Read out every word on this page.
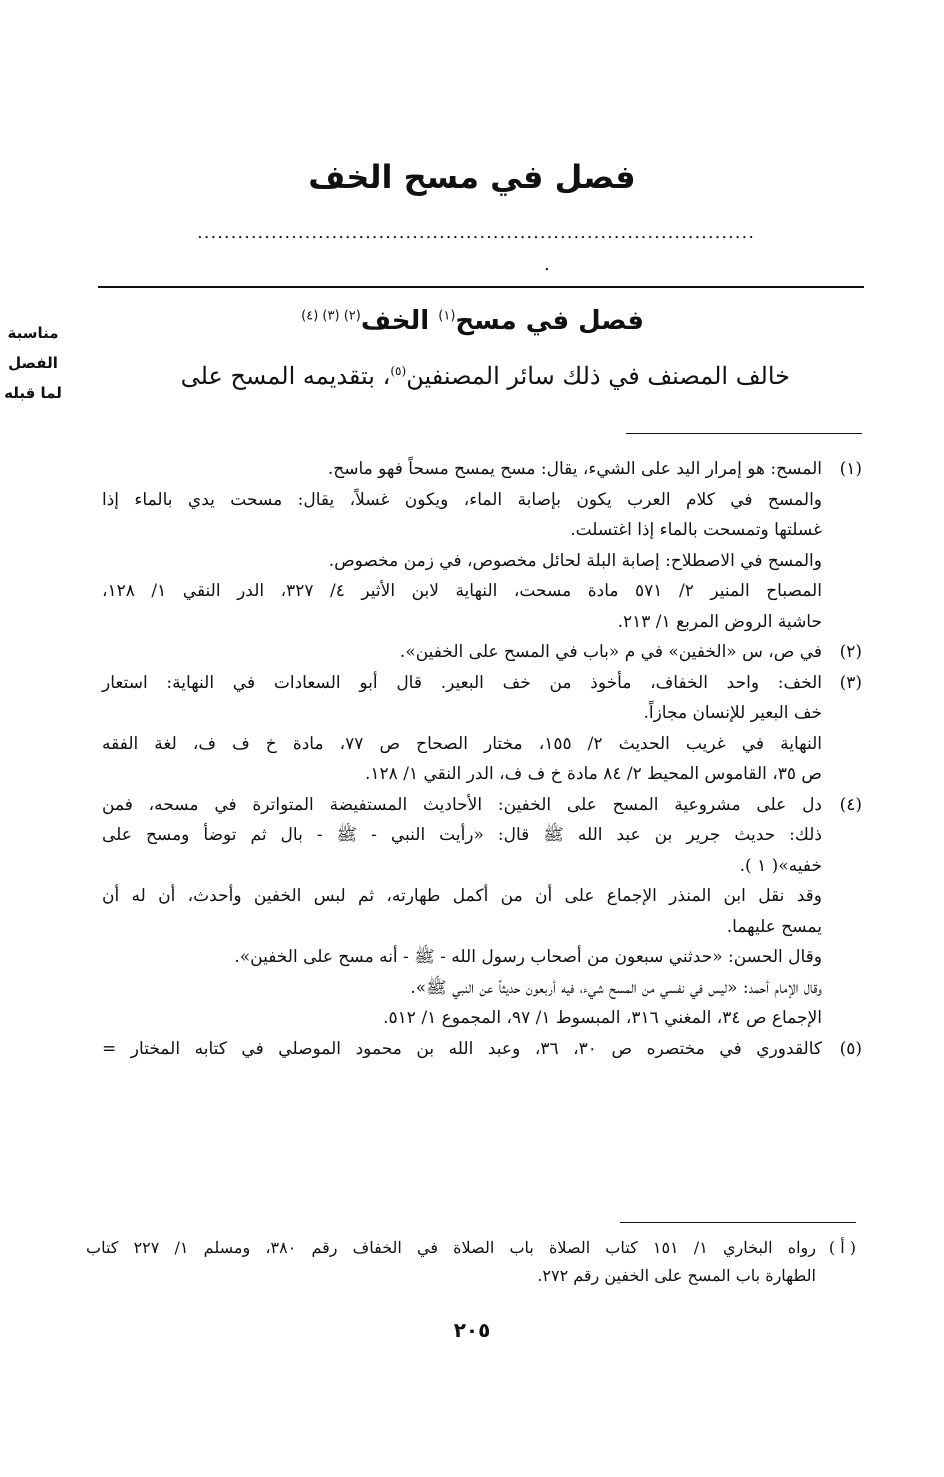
فصل في مسح الخف
...................................................................................
.
فصل في مسح$^{(١)}$ الخف$^{(٢) (٣) (٤)}$
مناسبة
الفصل
لما قبله
خالف المصنف في ذلك سائر المصنفين$^{(٥)}$، بتقديمه المسح على
(١)
المسح: هو إمرار اليد على الشيء، يقال: مسح يمسح مسحاً فهو ماسح.
والمسح في كلام العرب يكون بإصابة الماء، ويكون غسلاً، يقال: مسحت يدي بالماء إذا
غسلتها وتمسحت بالماء إذا اغتسلت.
والمسح في الاصطلاح: إصابة البلة لحائل مخصوص، في زمن مخصوص.
المصباح المنير ٢/ ٥٧١ مادة مسحت، النهاية لابن الأثير ٤/ ٣٢٧، الدر النقي ١/ ١٢٨،
حاشية الروض المربع ١/ ٢١٣.
(٢)
في ص، س «الخفين» في م «باب في المسح على الخفين».
(٣)
الخف: واحد الخفاف، مأخوذ من خف البعير. قال أبو السعادات في النهاية: استعار
خف البعير للإنسان مجازاً.
النهاية في غريب الحديث ٢/ ١٥٥، مختار الصحاح ص ٧٧، مادة خ ف ف، لغة الفقه
ص ٣٥، القاموس المحيط ٢/ ٨٤ مادة خ ف ف، الدر النقي ١/ ١٢٨.
(٤)
دل على مشروعية المسح على الخفين: الأحاديث المستفيضة المتواترة في مسحه، فمن
ذلك: حديث جرير بن عبد الله ﷺ قال: «رأيت النبي - ﷺ - بال ثم توضأ ومسح على
خفيه»( ١ ).
وقد نقل ابن المنذر الإجماع على أن من أكمل طهارته، ثم لبس الخفين وأحدث، أن له أن
يمسح عليهما.
وقال الحسن: «حدثني سبعون من أصحاب رسول الله - ﷺ - أنه مسح على الخفين».
وقال الإمام أحمد: «ليس في نفسي من المسح شيء، فيه أربعون حديثاً عن النبي ﷺ».
الإجماع ص ٣٤، المغني ٣١٦، المبسوط ١/ ٩٧، المجموع ١/ ٥١٢.
(٥)
كالقدوري في مختصره ص ٣٠، ٣٦، وعبد الله بن محمود الموصلي في كتابه المختار =
( أ )
رواه البخاري ١/ ١٥١ كتاب الصلاة باب الصلاة في الخفاف رقم ٣٨٠، ومسلم ١/ ٢٢٧ كتاب
الطهارة باب المسح على الخفين رقم ٢٧٢.
٢٠٥
